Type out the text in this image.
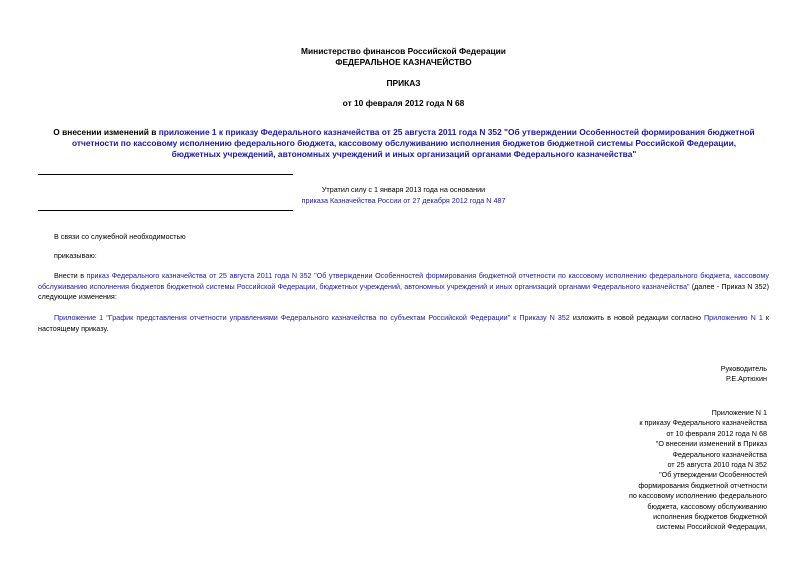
Министерство финансов Российской Федерации
ФЕДЕРАЛЬНОЕ КАЗНАЧЕЙСТВО
ПРИКАЗ
от 10 февраля 2012 года N 68
О внесении изменений в приложение 1 к приказу Федерального казначейства от 25 августа 2011 года N 352 "Об утверждении Особенностей формирования бюджетной отчетности по кассовому исполнению федерального бюджета, кассовому обслуживанию исполнения бюджетов бюджетной системы Российской Федерации, бюджетных учреждений, автономных учреждений и иных организаций органами Федерального казначейства"
Утратил силу с 1 января 2013 года на основании
приказа Казначейства России от 27 декабря 2012 года N 487
В связи со служебной необходимостью
приказываю:
Внести в приказ Федерального казначейства от 25 августа 2011 года N 352 "Об утверждении Особенностей формирования бюджетной отчетности по кассовому исполнению федерального бюджета, кассовому обслуживанию исполнения бюджетов бюджетной системы Российской Федерации, бюджетных учреждений, автономных учреждений и иных организаций органами Федерального казначейства" (далее - Приказ N 352) следующие изменения:
Приложение 1 "График представления отчетности управлениями Федерального казначейства по субъектам Российской Федерации" к Приказу N 352 изложить в новой редакции согласно Приложению N 1 к настоящему приказу.
Руководитель
Р.Е.Артюхин
Приложение N 1
к приказу Федерального казначейства
от 10 февраля 2012 года N 68
"О внесении изменений в Приказ
Федерального казначейства
от 25 августа 2010 года N 352
"Об утверждении Особенностей
формирования бюджетной отчетности
по кассовому исполнению федерального
бюджета, кассовому обслуживанию
исполнения бюджетов бюджетной
системы Российской Федерации,
